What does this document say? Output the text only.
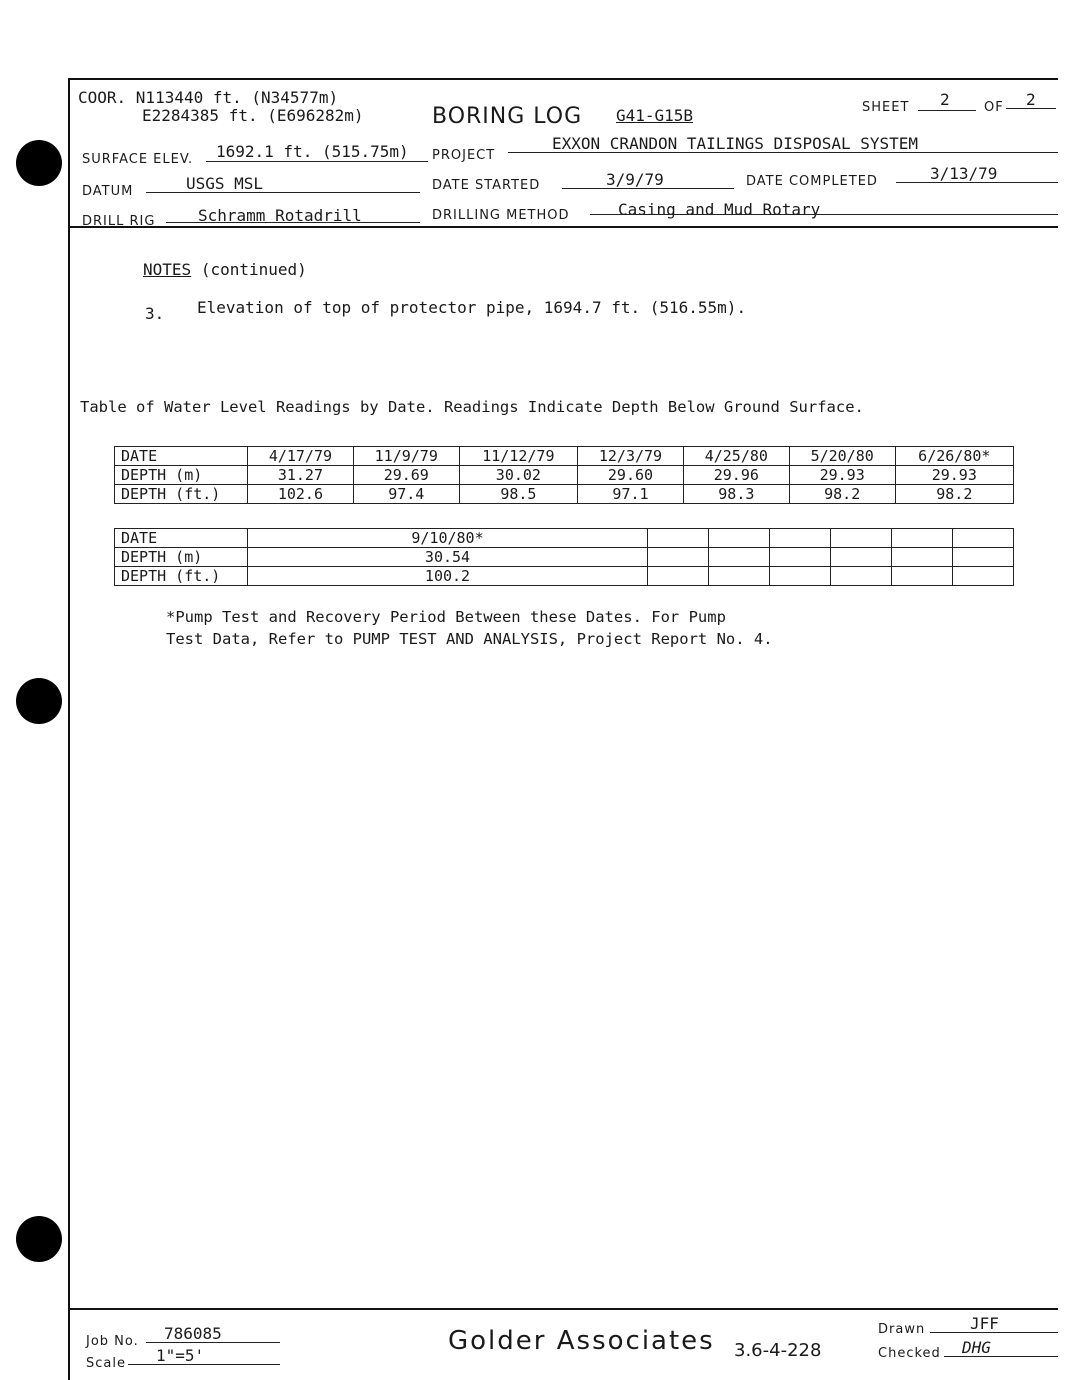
COOR. N113440 ft. (N34577m)
E2284385 ft. (E696282m)	BORING LOG G41-G15B	SHEET 2	OF 2
SURFACE ELEV. 1692.1 ft. (515.75m) PROJECT
EXXON CRANDON TAILINGS DISPOSAL SYSTEM
DATUM	USGS MSL	DATE STARTED	3/9/79	DATE COMPLETED	3/13/79
DRILL RIG	Schramm Rotadrill	DRILLING METHOD	Casing and Mud Rotary
NOTES (continued)
3. Elevation of top of protector pipe, 1694.7 ft. (516.55m).
Table of Water Level Readings by Date. Readings Indicate Depth Below Ground Surface.
DATE	4/17/79	11/9/79	11/12/79	12/3/79	4/25/80	5/20/80	6/26/80*
DEPTH (m)	31.27	29.69	30.02	29.60	29.96	29.93	29.93
DEPTH (ft.)	102.6	97.4	98.5	97.1	98.3	98.2	98.2
DATE	9/10/80*						
DEPTH (m)	30.54						
DEPTH (ft.)	100.2						
*Pump Test and Recovery Period Between these Dates. For Pump
Test Data, Refer to PUMP TEST AND ANALYSIS, Project Report No. 4.
Job No. 786085
Scale 1"=5'	Golder Associates 3.6-4-228
Drawn	JFF
Checked DHG
